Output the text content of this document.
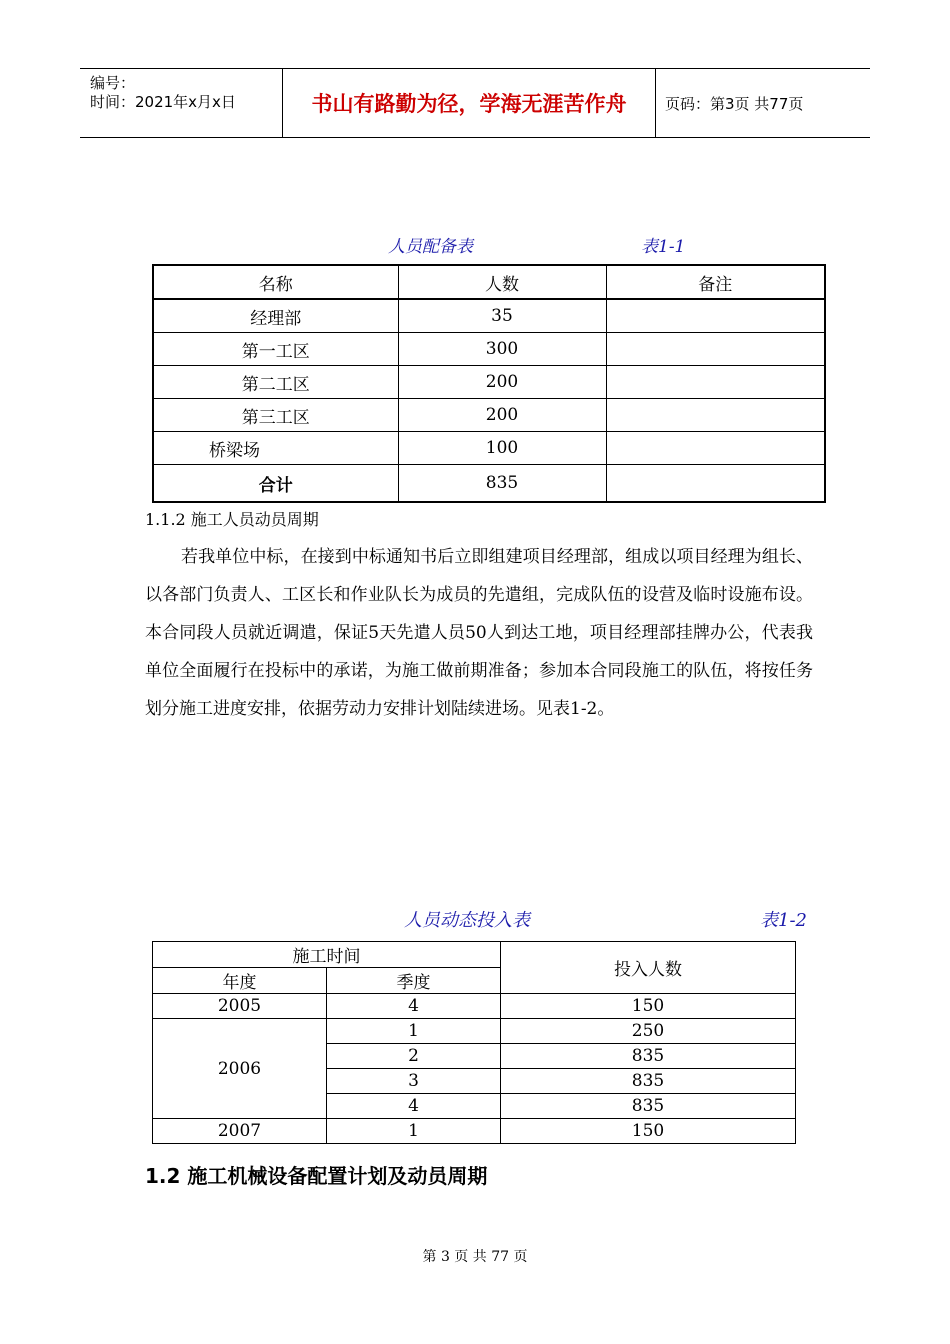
编号：
时间：2021年x月x日	书山有路勤为径，学海无涯苦作舟	页码：第3页 共77页
人员配备表	表1-1
名称	人数	备注
经理部	35	
第一工区	300	
第二工区	200	
第三工区	200	
桥梁场	100	
合计	835	
1.1.2 施工人员动员周期
若我单位中标，在接到中标通知书后立即组建项目经理部，组成以项目经理为组长、以各部门负责人、工区长和作业队长为成员的先遣组，完成队伍的设营及临时设施布设。本合同段人员就近调遣，保证5天先遣人员50人到达工地，项目经理部挂牌办公，代表我单位全面履行在投标中的承诺，为施工做前期准备；参加本合同段施工的队伍，将按任务划分施工进度安排，依据劳动力安排计划陆续进场。见表1-2。
人员动态投入表	表1-2
施工时间		投入人数
年度	季度	
2005	4	150
2006	1	250
	2	835
	3	835
	4	835
2007	1	150
1.2 施工机械设备配置计划及动员周期
第 3 页 共 77 页
